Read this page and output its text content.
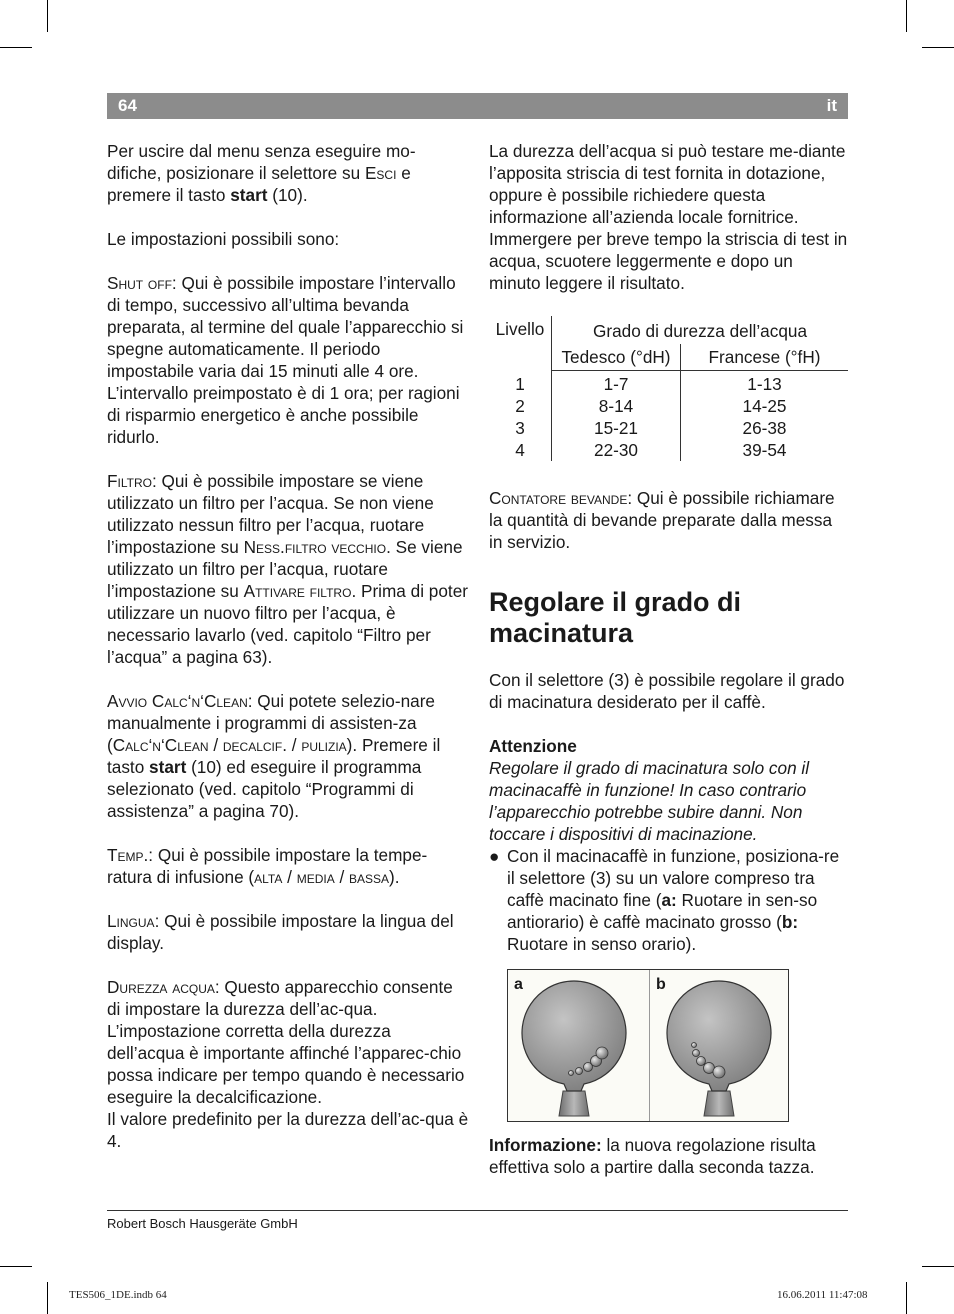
64	it

Per uscire dal menu senza eseguire mo-difiche, posizionare il selettore su Esci e premere il tasto start (10).

Le impostazioni possibili sono:

Shut off: Qui è possibile impostare l’intervallo di tempo, successivo all’ultima bevanda preparata, al termine del quale l’apparecchio si spegne automaticamente. Il periodo impostabile varia dai 15 minuti alle 4 ore. L’intervallo preimpostato è di 1 ora; per ragioni di risparmio energetico è anche possibile ridurlo.

Filtro: Qui è possibile impostare se viene utilizzato un filtro per l’acqua. Se non viene utilizzato nessun filtro per l’acqua, ruotare l’impostazione su Ness.filtro vecchio. Se viene utilizzato un filtro per l’acqua, ruotare l’impostazione su Attivare filtro. Prima di poter utilizzare un nuovo filtro per l’acqua, è necessario lavarlo (ved. capitolo “Filtro per l’acqua” a pagina 63).

Avvio Calc‘n‘Clean: Qui potete selezio-nare manualmente i programmi di assisten-za (Calc‘n‘Clean / decalcif. / pulizia). Premere il tasto start (10) ed eseguire il programma selezionato (ved. capitolo “Programmi di assistenza” a pagina 70).

Temp.: Qui è possibile impostare la tempe-ratura di infusione (alta / media / bassa).

Lingua: Qui è possibile impostare la lingua del display.

Durezza acqua: Questo apparecchio consente di impostare la durezza dell’ac-qua. L’impostazione corretta della durezza dell’acqua è importante affinché l’apparec-chio possa indicare per tempo quando è necessario eseguire la decalcificazione.

Il valore predefinito per la durezza dell’ac-qua è 4.

La durezza dell’acqua si può testare me-diante l’apposita striscia di test fornita in dotazione, oppure è possibile richiedere questa informazione all’azienda locale fornitrice.

Immergere per breve tempo la striscia di test in acqua, scuotere leggermente e dopo un minuto leggere il risultato.

Livello	Grado di durezza dell’acqua	
	Tedesco (°dH)	Francese (°fH)
1	1-7	1-13
2	8-14	14-25
3	15-21	26-38
4	22-30	39-54

Contatore bevande: Qui è possibile richiamare la quantità di bevande preparate dalla messa in servizio.

Regolare il grado di macinatura

Con il selettore (3) è possibile regolare il grado di macinatura desiderato per il caffè.

Attenzione
Regolare il grado di macinatura solo con il macinacaffè in funzione! In caso contrario l’apparecchio potrebbe subire danni. Non toccare i dispositivi di macinazione.
● Con il macinacaffè in funzione, posiziona-re il selettore (3) su un valore compreso tra caffè macinato fine (a: Ruotare in sen-so antiorario) è caffè macinato grosso (b: Ruotare in senso orario).
a	b

Informazione: la nuova regolazione risulta effettiva solo a partire dalla seconda tazza.

Robert Bosch Hausgeräte GmbH
TES506_1DE.indb 64	16.06.2011 11:47:08
